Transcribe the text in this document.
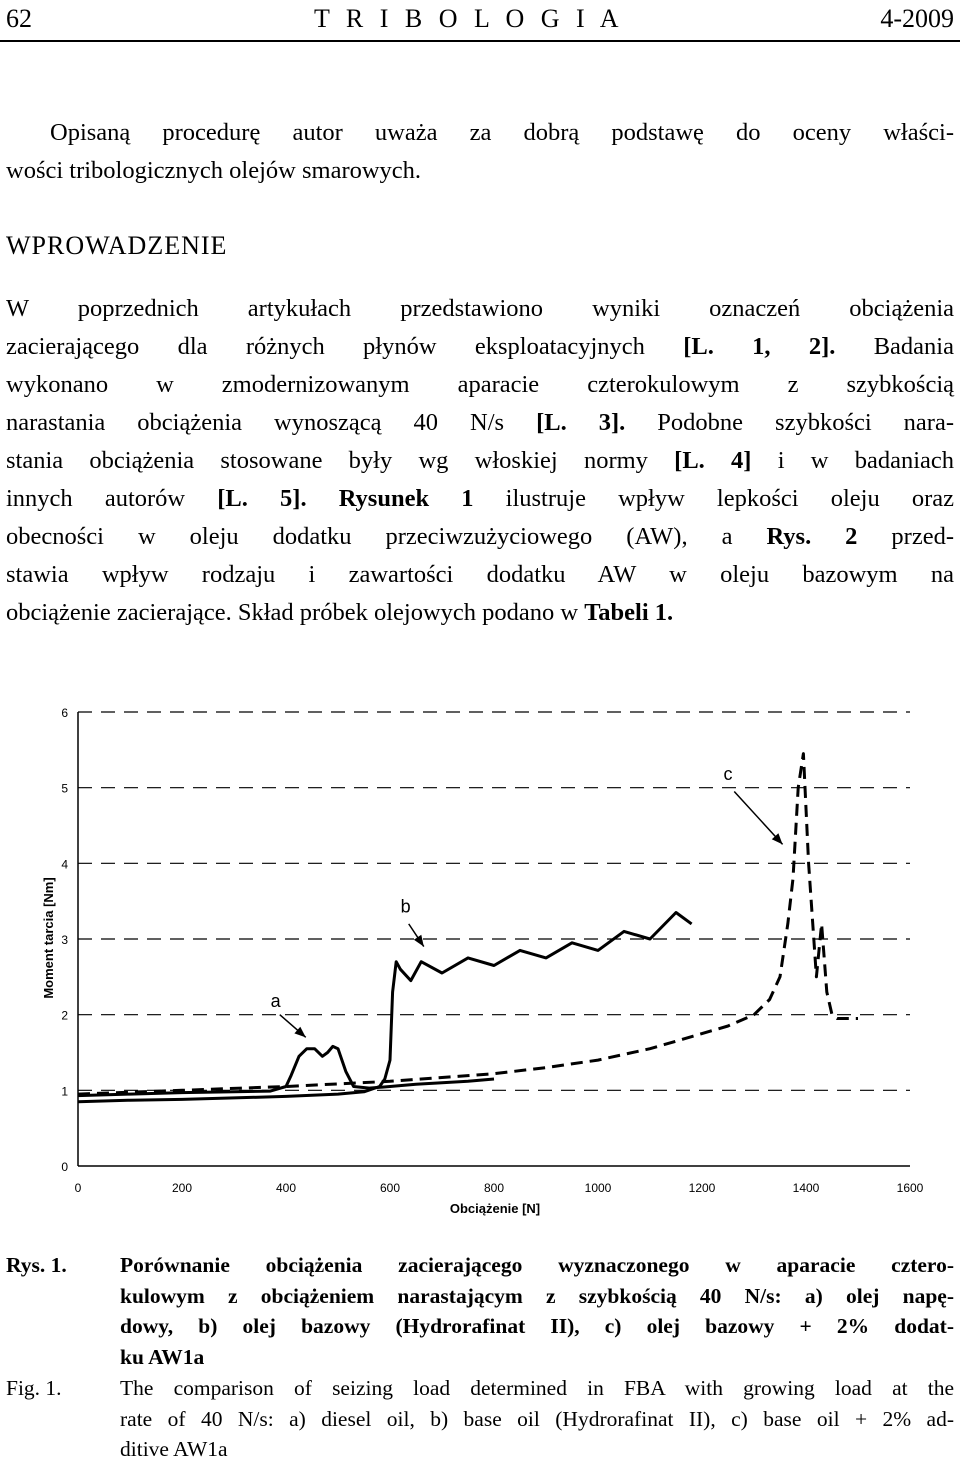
62	T R I B O L O G I A	4-2009
Opisaną procedurę autor uważa za dobrą podstawę do oceny właści-
wości tribologicznych olejów smarowych.
WPROWADZENIE
W poprzednich artykułach przedstawiono wyniki oznaczeń obciążenia
zacierającego dla różnych płynów eksploatacyjnych [L. 1, 2]. Badania
wykonano w zmodernizowanym aparacie czterokulowym z szybkością
narastania obciążenia wynoszącą 40 N/s [L. 3]. Podobne szybkości nara-
stania obciążenia stosowane były wg włoskiej normy [L. 4] i w badaniach
innych autorów [L. 5]. Rysunek 1 ilustruje wpływ lepkości oleju oraz
obecności w oleju dodatku przeciwzużyciowego (AW), a Rys. 2 przed-
stawia wpływ rodzaju i zawartości dodatku AW w oleju bazowym na
obciążenie zacierające. Skład próbek olejowych podano w Tabeli 1.
0
1
2
3
4
5
6
0	200	400	600	800	1000	1200	1400	1600
a
b
c
Obciążenie [N]
Moment tarcia [Nm]
Rys. 1. Porównanie obciążenia zacierającego wyznaczonego w aparacie cztero-
kulowym z obciążeniem narastającym z szybkością 40 N/s: a) olej napę-
dowy, b) olej bazowy (Hydrorafinat II), c) olej bazowy + 2% dodat-
ku AW1a
Fig. 1.	The comparison of seizing load determined in FBA with growing load at the
rate of 40 N/s: a) diesel oil, b) base oil (Hydrorafinat II), c) base oil + 2% ad-
ditive AW1a
